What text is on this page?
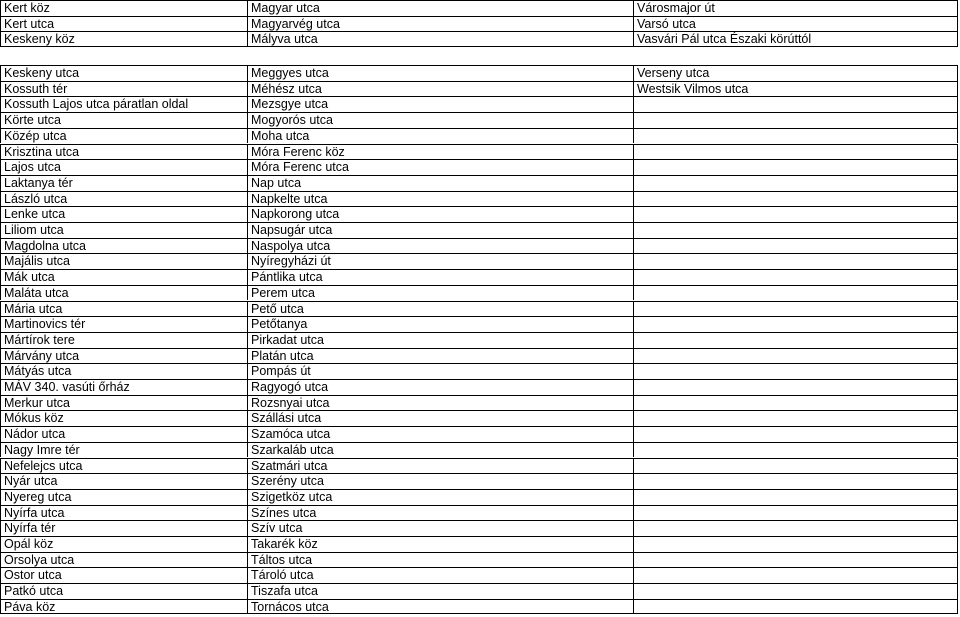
Kert köz	Magyar utca	Városmajor út
Kert utca	Magyarvég utca	Varsó utca
Keskeny köz	Mályva utca	Vasvári Pál utca Északi körúttól
Keskeny utca	Meggyes utca	Verseny utca
Kossuth tér	Méhész utca	Westsik Vilmos utca
Kossuth Lajos utca páratlan oldal	Mezsgye utca
Körte utca	Mogyorós utca
Közép utca	Moha utca
Krisztina utca	Móra Ferenc köz
Lajos utca	Móra Ferenc utca
Laktanya tér	Nap utca
László utca	Napkelte utca
Lenke utca	Napkorong utca
Liliom utca	Napsugár utca
Magdolna utca	Naspolya utca
Majális utca	Nyíregyházi út
Mák utca	Pántlika utca
Maláta utca	Perem utca
Mária utca	Pető utca
Martinovics tér	Petőtanya
Mártírok tere	Pirkadat utca
Márvány utca	Platán utca
Mátyás utca	Pompás út
MÁV 340. vasúti őrház	Ragyogó utca
Merkur utca	Rozsnyai utca
Mókus köz	Szállási utca
Nádor utca	Szamóca utca
Nagy Imre tér	Szarkaláb utca
Nefelejcs utca	Szatmári utca
Nyár utca	Szerény utca
Nyereg utca	Szigetköz utca
Nyírfa utca	Színes utca
Nyírfa tér	Szív utca
Opál köz	Takarék köz
Orsolya utca	Táltos utca
Ostor utca	Tároló utca
Patkó utca	Tiszafa utca
Páva köz	Tornácos utca
